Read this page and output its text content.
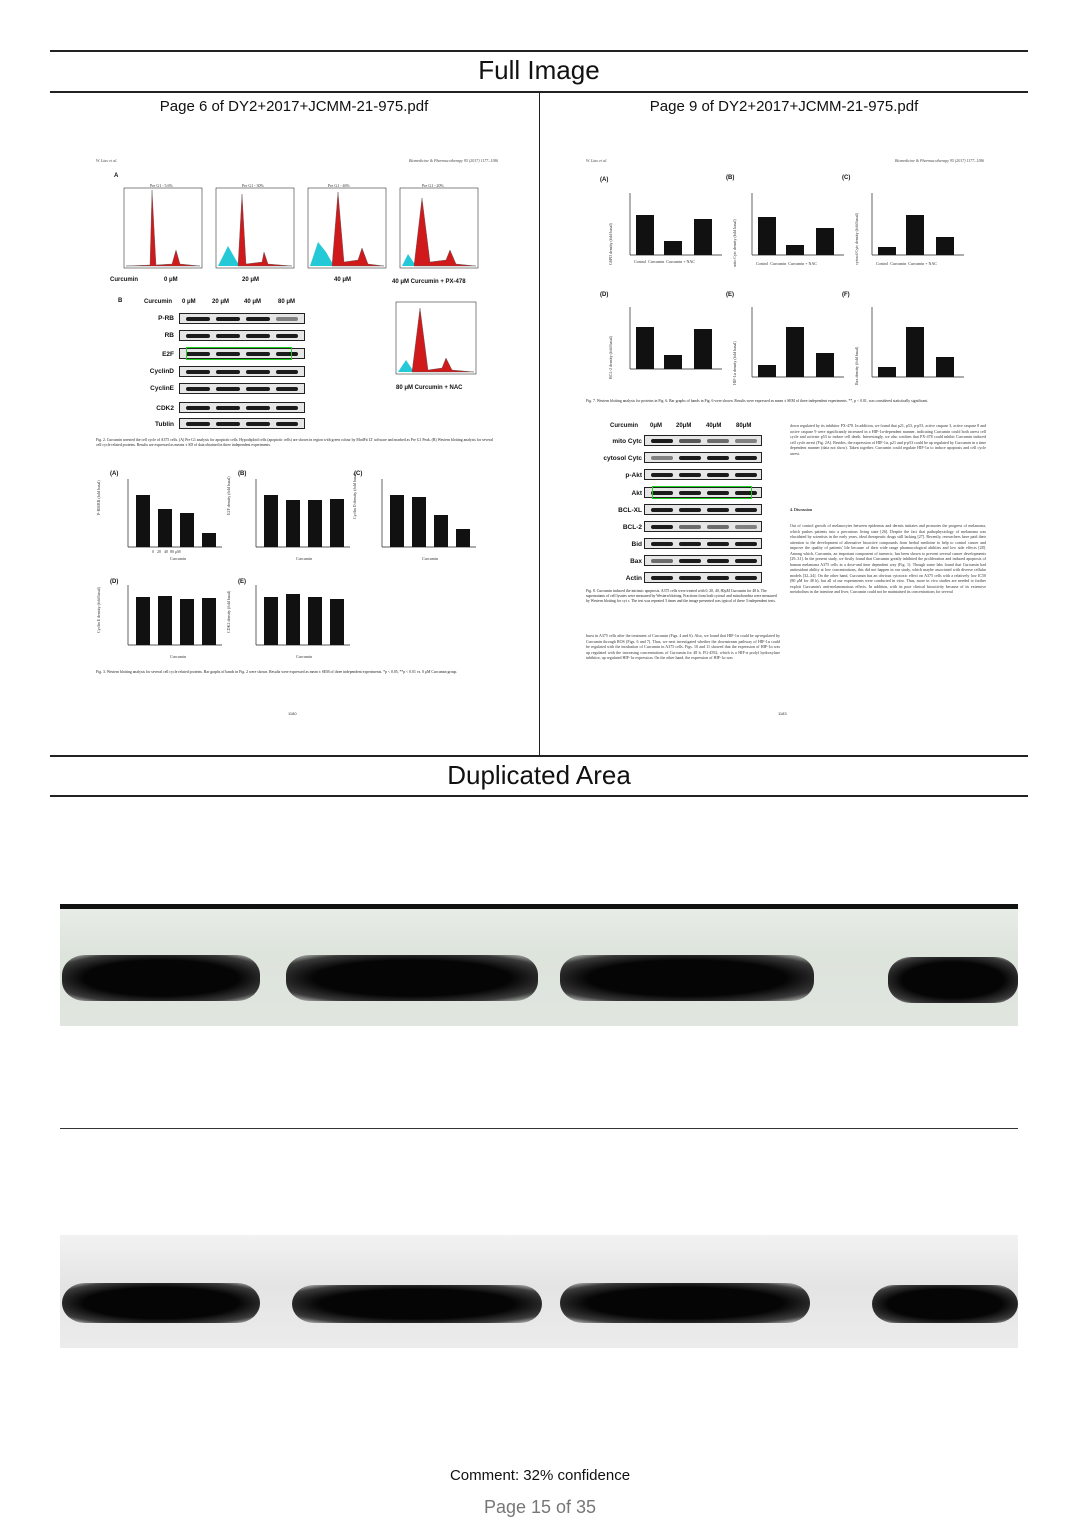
Full Image
Page 6 of DY2+2017+JCMM-21-975.pdf
W. Liao et al.	Biomedicine & Pharmacotherapy 95 (2017) 1177–1186
A
Pre G1 - 5.6%	Pre G1 - 30%	Pre G1 - 46%	Pre G1 - 20%
Curcumin	0 μM	20 μM	40 μM	40 μM Curcumin + PX-478
B	Curcumin 0 μM	20 μM 40 μM	80 μM
P-RB
RB
E2F
CyclinD
CyclinE
CDK2
Tublin
80 μM Curcumin + NAC
Fig. 2. Curcumin arrested the cell cycle of A375 cells. (A) Pre G1 analysis for apoptotic cells. Hypodiploid cells (apoptotic cells) are shown in region with green colour by ModFit LT software and marked as Pre G1 Peak. (B) Western blotting analysis for several cell cycle related proteins. Results are expressed as means ± SD of data obtained in three independent experiments.
(A)	(B)	(C)
(D)	(E)
P-RB/RB (fold basal)	E2F density (fold basal)	Cyclin D density (fold basal)
Cyclin E density (fold basal)	CDK2 density (fold basal)
0 20 40 80 μM
Curcumin	Curcumin	Curcumin
Curcumin	Curcumin
Fig. 3. Western blotting analysis for several cell cycle related proteins. Bar graphs of bands in Fig. 2 were shown. Results were expressed as mean ± SEM of three independent experiments. *p < 0.05, **p < 0.01 vs. 0 μM Curcumin group.
1180
Page 9 of DY2+2017+JCMM-21-975.pdf
W. Liao et al.	Biomedicine & Pharmacotherapy 95 (2017) 1177–1186
(A)	(B)	(C)
(D)	(E)	(F)
G6PD density (fold basal)	mito Cytc density (fold basal)	cytosol Cytc density (fold basal)
BCL-2 density (fold basal)	HIF-1α density (fold basal)	Bax density (fold basal)
Control Curcumin Curcumin + NAC	Control Curcumin Curcumin + NAC	Control Curcumin Curcumin + NAC
Fig. 7. Western blotting analysis for proteins in Fig. 6. Bar graphs of bands in Fig. 6 were shown. Results were expressed as mean ± SEM of three independent experiments. **, p < 0.01, was considered statistically significant.
Curcumin 0μM 20μM 40μM 80μM
mito Cytc
cytosol Cytc
p-Akt
Akt
BCL-XL
BCL-2
Bid
Bax
Actin
Fig. 8. Curcumin induced the intrinsic apoptosis. A375 cells were treated with 0, 20, 40, 80μM Curcumin for 48 h. The supernatants of cell lysates were measured by Western blotting. Fractions from both cytosol and mitochondria were measured by Western blotting for cyt c. The test was repeated 3 times and the image presented was typical of these 3 independent tests.
burst in A375 cells after the treatment of Curcumin (Figs. 4 and 6). Also, we found that HIF-1α could be up-regulated by Curcumin through ROS (Figs. 6 and 7). Thus, we next investigated whether the downstream pathway of HIF-1α could be regulated with the incubation of Curcumin in A375 cells. Figs. 10 and 11 showed that the expression of HIF-1α was up regulated with the increasing concentrations of Curcumin for 48 h. FG-4592, which is a HIF-α prolyl hydroxylase inhibitor, up regulated HIF-1α expression. On the other hand, the expression of HIF-1α was
down regulated by its inhibitor PX-478. In addition, we found that p21, p53, p-p53, active caspase 3, active caspase 8 and active caspase 9 were significantly increased in a HIF-1α-dependent manner, indicating Curcumin could both arrest cell cycle and activate p53 to induce cell death. Interestingly, we also confirm that PX-478 could inhibit Curcumin induced cell cycle arrest (Fig. 2A). Besides, the expression of HIF-1α, p21 and p-p53 could be up regulated by Curcumin in a time dependent manner (data not show). Taken together, Curcumin could regulate HIF-1α to induce apoptosis and cell cycle arrest.
4. Discussion
Out of control growth of melanocytes between epidermis and dermis initiates and promotes the progress of melanoma, which pushes patients into a precarious living state [26]. Despite the fact that pathophysiology of melanoma was elucidated by scientists in the early years, ideal therapeutic drugs still lacking [27]. Recently, researchers have paid their attention to the development of alternative bioactive compounds from herbal medicine to help to control cancer and improve the quality of patients' life because of their wide range pharmacological abilities and low side effects [28]. Among which, Curcumin, an important component of turmeric, has been shown to prevent several cancer developments [29–31]. In the present study, we firstly found that Curcumin greatly inhibited the proliferation and induced apoptosis of human melanoma A375 cells in a dose-and time dependent way (Fig. 1). Though some labs found that Curcumin had antioxidant ability at low concentrations, this did not happen in our study, which maybe associated with diverse cellular models [32–34]. On the other hand, Curcumin has an obvious cytotoxic effect on A375 cells with a relatively low IC50 (80 μM for 48 h), but all of our experiments were conducted in vitro. Thus, more in vivo studies are needed to further exploit Curcumin's anti-melanomatous effects. In addition, with its poor clinical bioactivity because of its extensive metabolism in the intestine and liver, Curcumin could not be maintained its concentrations for several
1183
Duplicated Area
Comment: 32% confidence
Page 15 of 35
